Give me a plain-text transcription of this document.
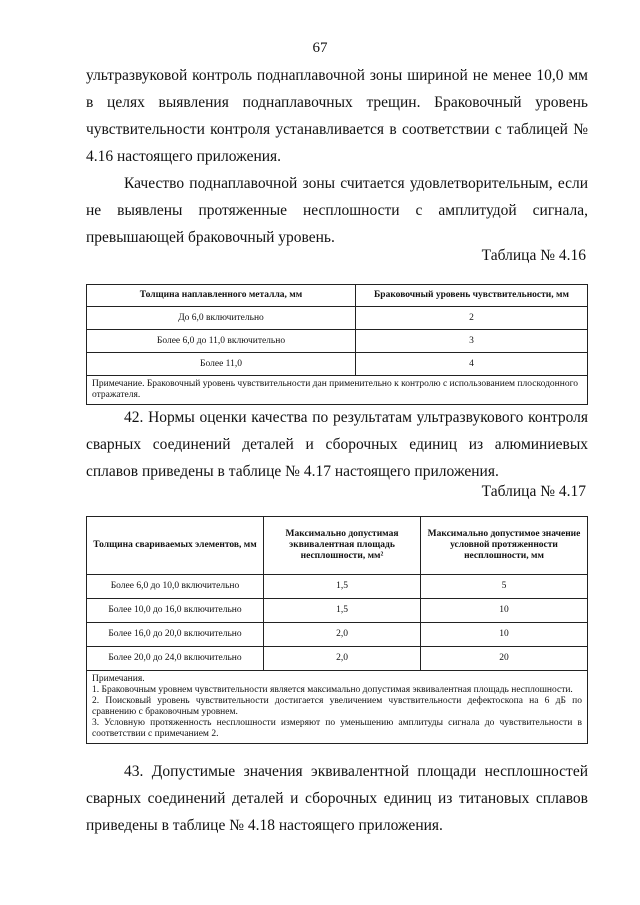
67

ультразвуковой контроль поднаплавочной зоны шириной не менее 10,0 мм в целях выявления поднаплавочных трещин. Браковочный уровень чувствительности контроля устанавливается в соответствии с таблицей № 4.16 настоящего приложения.

Качество поднаплавочной зоны считается удовлетворительным, если не выявлены протяженные несплошности с амплитудой сигнала, превышающей браковочный уровень.

Таблица № 4.16
Толщина наплавленного металла, мм	Браковочный уровень чувствительности, мм
До 6,0 включительно	2
Более 6,0 до 11,0 включительно	3
Более 11,0	4
Примечание. Браковочный уровень чувствительности дан применительно к контролю с использованием плоскодонного отражателя.	

42. Нормы оценки качества по результатам ультразвукового контроля сварных соединений деталей и сборочных единиц из алюминиевых сплавов приведены в таблице № 4.17 настоящего приложения.

Таблица № 4.17
Толщина свариваемых элементов, мм	Максимально допустимая эквивалентная площадь несплошности, мм²	Максимально допустимое значение условной протяженности несплошности, мм
Более 6,0 до 10,0 включительно	1,5	5
Более 10,0 до 16,0 включительно	1,5	10
Более 16,0 до 20,0 включительно	2,0	10
Более 20,0 до 24,0 включительно	2,0	20

Примечания.
1. Браковочным уровнем чувствительности является максимально допустимая эквивалентная площадь несплошности.
2. Поисковый уровень чувствительности достигается увеличением чувствительности дефектоскопа на 6 дБ по сравнению с браковочным уровнем.
3. Условную протяженность несплошности измеряют по уменьшению амплитуды сигнала до чувствительности в соответствии с примечанием 2.		

43. Допустимые значения эквивалентной площади несплошностей сварных соединений деталей и сборочных единиц из титановых сплавов приведены в таблице № 4.18 настоящего приложения.
